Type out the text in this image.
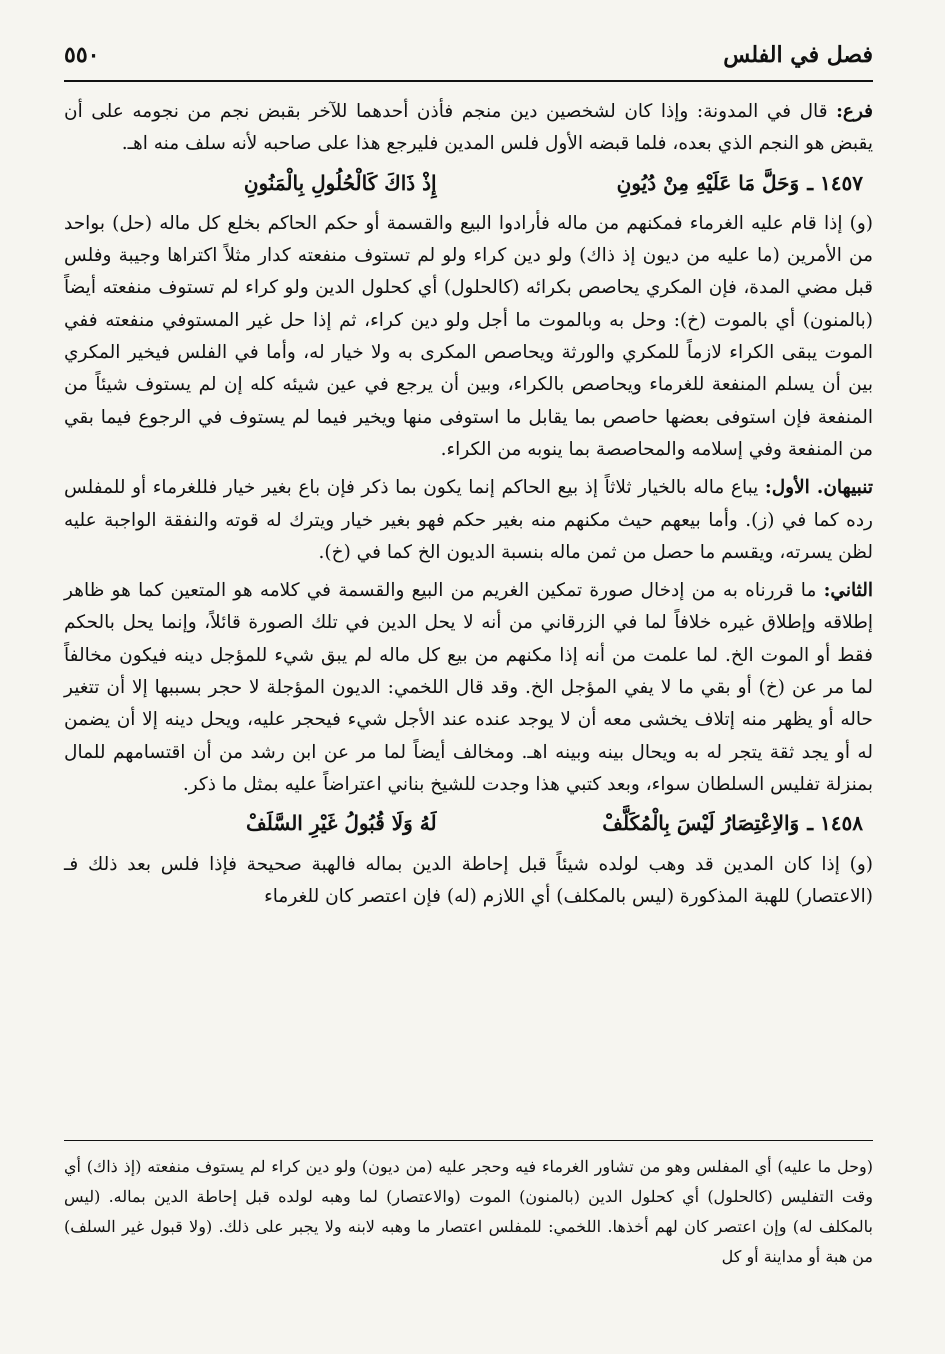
٥٥٠	فصل في الفلس

فرع: قال في المدونة: وإذا كان لشخصين دين منجم فأذن أحدهما للآخر بقبض نجم من نجومه على أن يقبض هو النجم الذي بعده، فلما قبضه الأول فلس المدين فليرجع هذا على صاحبه لأنه سلف منه اهـ.

١٤٥٧ ـ
وَحَلَّ مَا عَلَيْهِ مِنْ دُيُونِ
إِذْ ذَاكَ كَالْحُلُولِ بِالْمَنُونِ

(و) إذا قام عليه الغرماء فمكنهم من ماله فأرادوا البيع والقسمة أو حكم الحاكم بخلع كل ماله (حل) بواحد من الأمرين (ما عليه من ديون إذ ذاك) ولو دين كراء ولو لم تستوف منفعته كدار مثلاً اكتراها وجيبة وفلس قبل مضي المدة، فإن المكري يحاصص بكرائه (كالحلول) أي كحلول الدين ولو كراء لم تستوف منفعته أيضاً (بالمنون) أي بالموت (خ): وحل به وبالموت ما أجل ولو دين كراء، ثم إذا حل غير المستوفي منفعته ففي الموت يبقى الكراء لازماً للمكري والورثة ويحاصص المكرى به ولا خيار له، وأما في الفلس فيخير المكري بين أن يسلم المنفعة للغرماء ويحاصص بالكراء، وبين أن يرجع في عين شيئه كله إن لم يستوف شيئاً من المنفعة فإن استوفى بعضها حاصص بما يقابل ما استوفى منها ويخير فيما لم يستوف في الرجوع فيما بقي من المنفعة وفي إسلامه والمحاصصة بما ينوبه من الكراء.

تنبيهان. الأول: يباع ماله بالخيار ثلاثاً إذ بيع الحاكم إنما يكون بما ذكر فإن باع بغير خيار فللغرماء أو للمفلس رده كما في (ز). وأما بيعهم حيث مكنهم منه بغير حكم فهو بغير خيار ويترك له قوته والنفقة الواجبة عليه لظن يسرته، ويقسم ما حصل من ثمن ماله بنسبة الديون الخ كما في (خ).

الثاني: ما قررناه به من إدخال صورة تمكين الغريم من البيع والقسمة في كلامه هو المتعين كما هو ظاهر إطلاقه وإطلاق غيره خلافاً لما في الزرقاني من أنه لا يحل الدين في تلك الصورة قائلاً، وإنما يحل بالحكم فقط أو الموت الخ. لما علمت من أنه إذا مكنهم من بيع كل ماله لم يبق شيء للمؤجل دينه فيكون مخالفاً لما مر عن (خ) أو بقي ما لا يفي المؤجل الخ. وقد قال اللخمي: الديون المؤجلة لا حجر بسببها إلا أن تتغير حاله أو يظهر منه إتلاف يخشى معه أن لا يوجد عنده عند الأجل شيء فيحجر عليه، ويحل دينه إلا أن يضمن له أو يجد ثقة يتجر له به ويحال بينه وبينه اهـ. ومخالف أيضاً لما مر عن ابن رشد من أن اقتسامهم للمال بمنزلة تفليس السلطان سواء، وبعد كتبي هذا وجدت للشيخ بناني اعتراضاً عليه بمثل ما ذكر.

١٤٥٨ ـ
وَالاِعْتِصَارُ لَيْسَ بِالْمُكَلَّفْ
لَهُ وَلَا قُبُولُ غَيْرِ السَّلَفْ

(و) إذا كان المدين قد وهب لولده شيئاً قبل إحاطة الدين بماله فالهبة صحيحة فإذا فلس بعد ذلك فـ (الاعتصار) للهبة المذكورة (ليس بالمكلف) أي اللازم (له) فإن اعتصر كان للغرماء

(وحل ما عليه) أي المفلس وهو من تشاور الغرماء فيه وحجر عليه (من ديون) ولو دين كراء لم يستوف منفعته (إذ ذاك) أي وقت التفليس (كالحلول) أي كحلول الدين (بالمنون) الموت (والاعتصار) لما وهبه لولده قبل إحاطة الدين بماله. (ليس بالمكلف له) وإن اعتصر كان لهم أخذها. اللخمي: للمفلس اعتصار ما وهبه لابنه ولا يجبر على ذلك. (ولا قبول غير السلف) من هبة أو مداينة أو كل
